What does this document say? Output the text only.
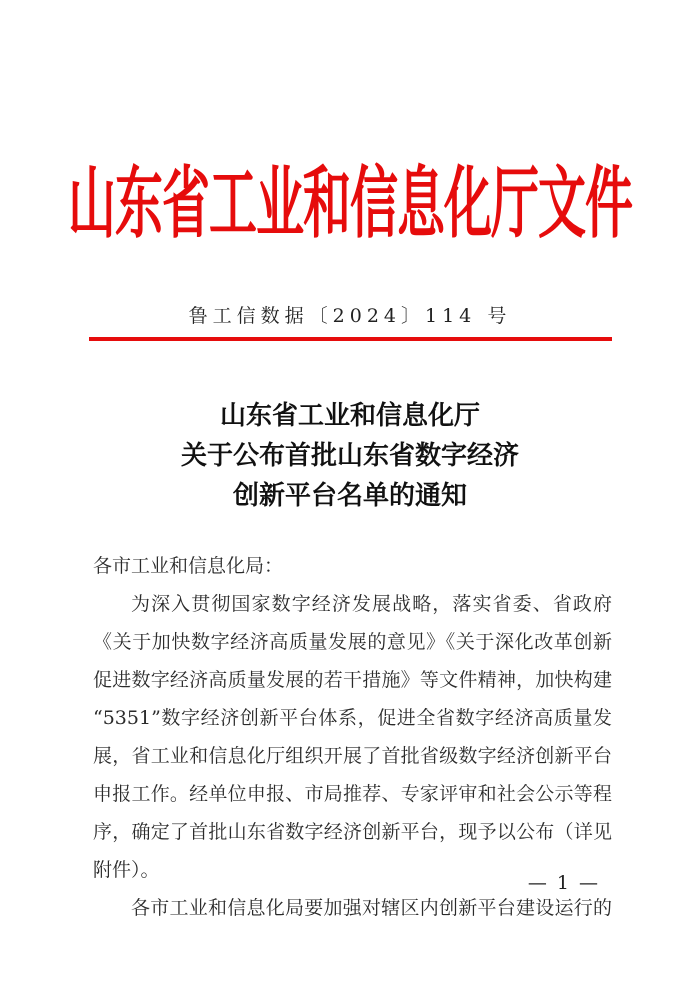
山东省工业和信息化厅文件
鲁工信数据〔2024〕114 号
山东省工业和信息化厅
关于公布首批山东省数字经济
创新平台名单的通知

各市工业和信息化局：

为深入贯彻国家数字经济发展战略，落实省委、省政府《关于加快数字经济高质量发展的意见》《关于深化改革创新促进数字经济高质量发展的若干措施》等文件精神，加快构建“5351”数字经济创新平台体系，促进全省数字经济高质量发展，省工业和信息化厅组织开展了首批省级数字经济创新平台申报工作。经单位申报、市局推荐、专家评审和社会公示等程序，确定了首批山东省数字经济创新平台，现予以公布（详见附件）。

各市工业和信息化局要加强对辖区内创新平台建设运行的

— 1 —
